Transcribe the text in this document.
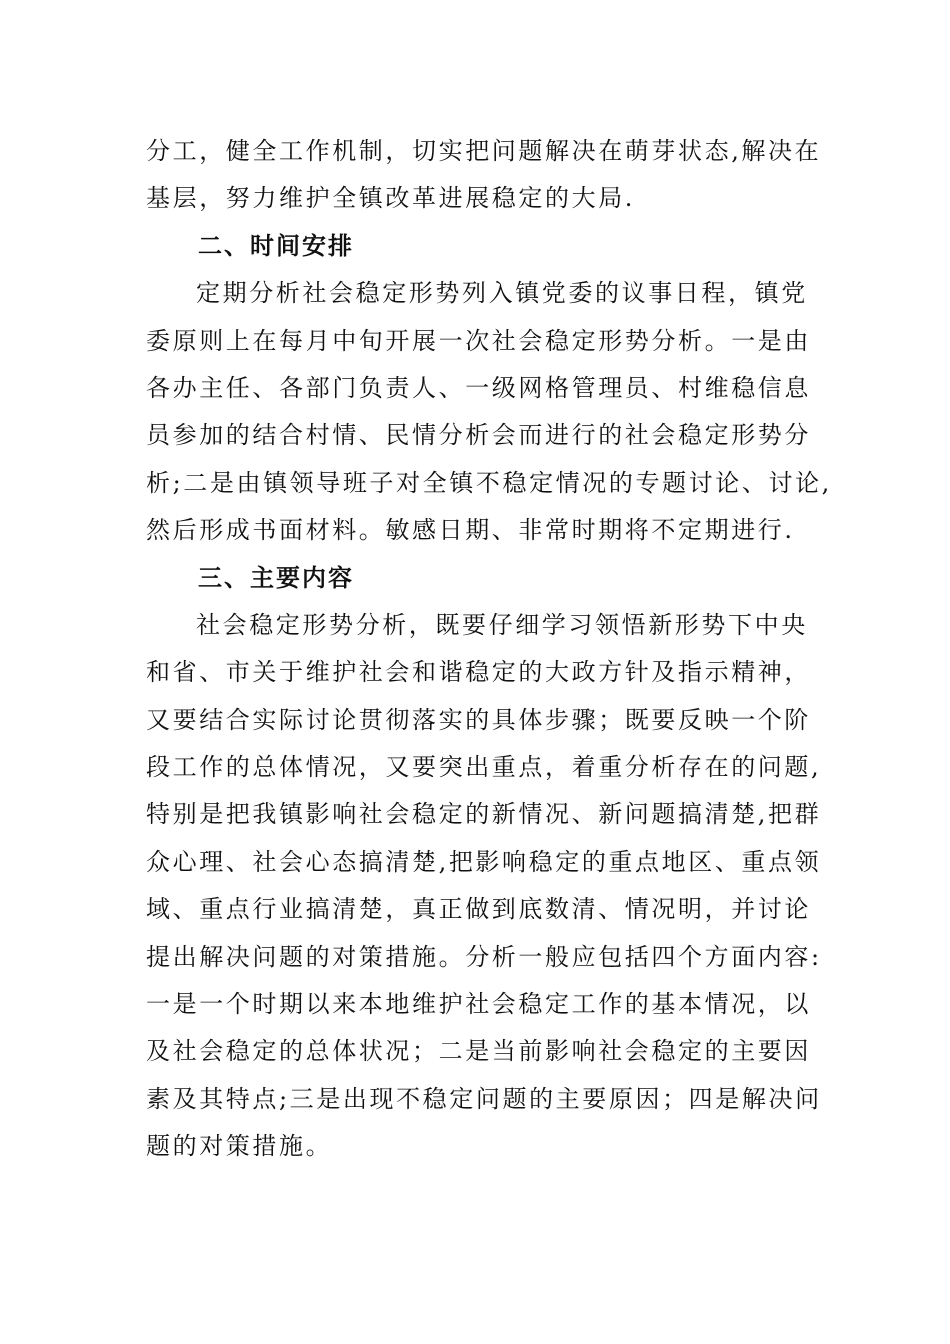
分工，健全工作机制，切实把问题解决在萌芽状态,解决在
基层，努力维护全镇改革进展稳定的大局.
二、时间安排
定期分析社会稳定形势列入镇党委的议事日程，镇党
委原则上在每月中旬开展一次社会稳定形势分析。一是由
各办主任、各部门负责人、一级网格管理员、村维稳信息
员参加的结合村情、民情分析会而进行的社会稳定形势分
析;二是由镇领导班子对全镇不稳定情况的专题讨论、讨论,
然后形成书面材料。敏感日期、非常时期将不定期进行.
三、主要内容
社会稳定形势分析，既要仔细学习领悟新形势下中央
和省、市关于维护社会和谐稳定的大政方针及指示精神，
又要结合实际讨论贯彻落实的具体步骤；既要反映一个阶
段工作的总体情况，又要突出重点，着重分析存在的问题,
特别是把我镇影响社会稳定的新情况、新问题搞清楚,把群
众心理、社会心态搞清楚,把影响稳定的重点地区、重点领
域、重点行业搞清楚，真正做到底数清、情况明，并讨论
提出解决问题的对策措施。分析一般应包括四个方面内容:
一是一个时期以来本地维护社会稳定工作的基本情况，以
及社会稳定的总体状况；二是当前影响社会稳定的主要因
素及其特点;三是出现不稳定问题的主要原因；四是解决问
题的对策措施。
